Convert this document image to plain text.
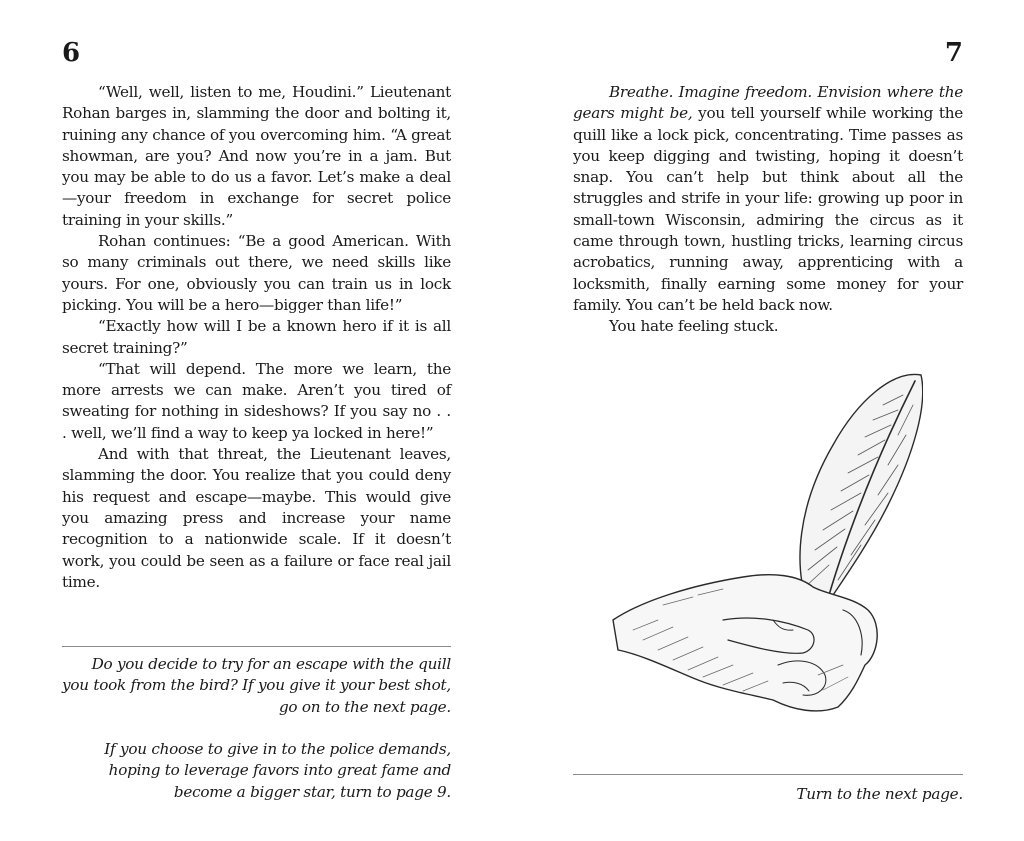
6

“Well, well, listen to me, Houdini.” Lieutenant Rohan barges in, slamming the door and bolting it, ruining any chance of you overcoming him. “A great showman, are you? And now you’re in a jam. But you may be able to do us a favor. Let’s make a deal—your freedom in exchange for secret police training in your skills.”

Rohan continues: “Be a good American. With so many criminals out there, we need skills like yours. For one, obviously you can train us in lock picking. You will be a hero—bigger than life!”

“Exactly how will I be a known hero if it is all secret training?”

“That will depend. The more we learn, the more arrests we can make. Aren’t you tired of sweating for nothing in sideshows? If you say no . . . well, we’ll find a way to keep ya locked in here!”

And with that threat, the Lieutenant leaves, slamming the door. You realize that you could deny his request and escape—maybe. This would give you amazing press and increase your name recognition to a nationwide scale. If it doesn’t work, you could be seen as a failure or face real jail time.

Do you decide to try for an escape with the quill you took from the bird? If you give it your best shot, go on to the next page.

If you choose to give in to the police demands, hoping to leverage favors into great fame and become a bigger star, turn to page 9.

7

Breathe. Imagine freedom. Envision where the gears might be, you tell yourself while working the quill like a lock pick, concentrating. Time passes as you keep digging and twisting, hoping it doesn’t snap. You can’t help but think about all the struggles and strife in your life: growing up poor in small-town Wisconsin, admiring the circus as it came through town, hustling tricks, learning circus acrobatics, running away, apprenticing with a locksmith, finally earning some money for your family. You can’t be held back now.

You hate feeling stuck.

Turn to the next page.
